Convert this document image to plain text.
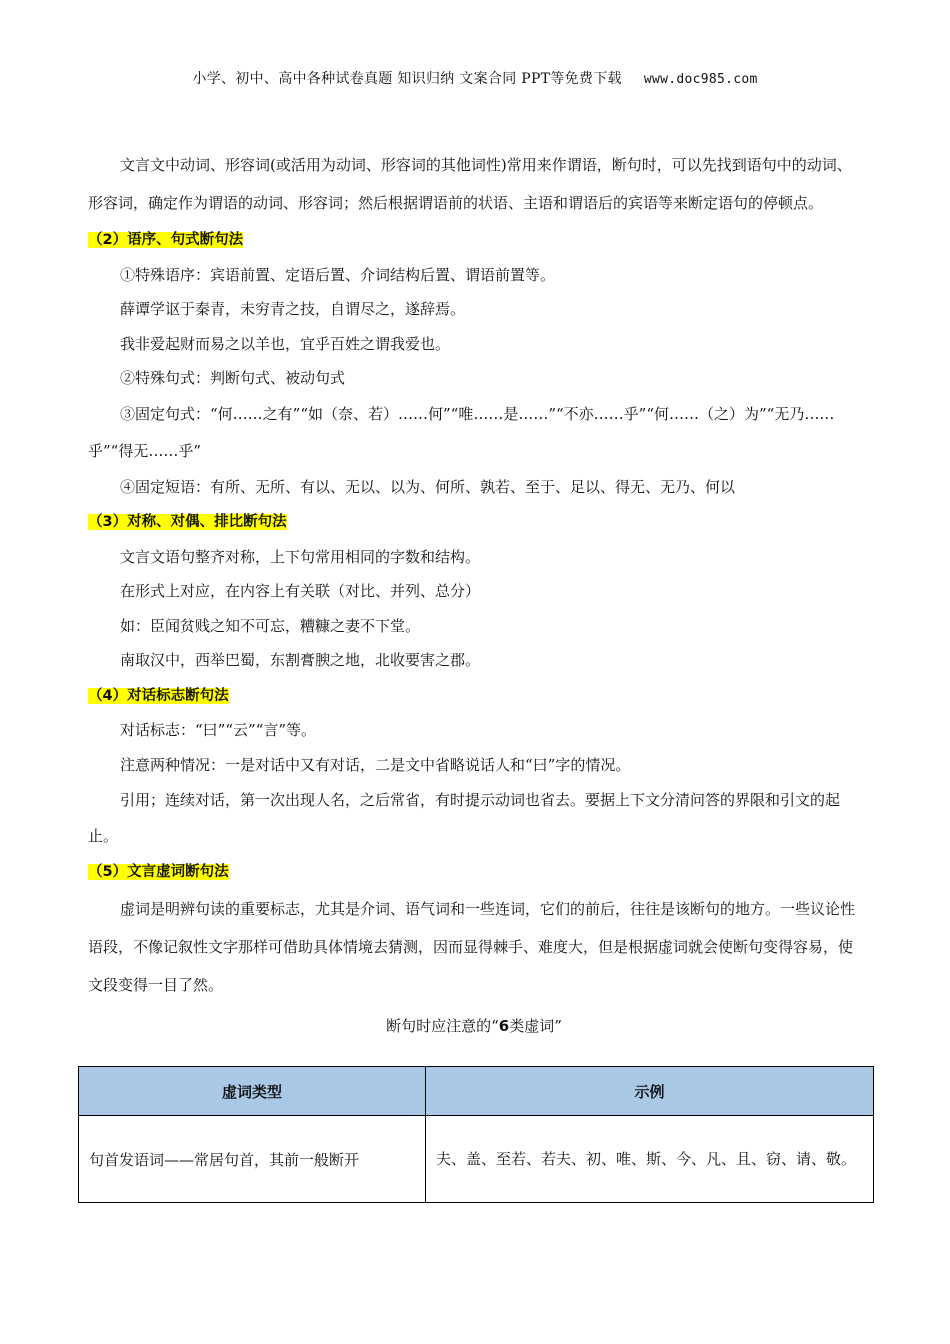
小学、初中、高中各种试卷真题 知识归纳 文案合同 PPT等免费下载 www.doc985.com

文言文中动词、形容词(或活用为动词、形容词的其他词性)常用来作谓语，断句时，可以先找到语句中的动词、形容词，确定作为谓语的动词、形容词；然后根据谓语前的状语、主语和谓语后的宾语等来断定语句的停顿点。

（2）语序、句式断句法

①特殊语序：宾语前置、定语后置、介词结构后置、谓语前置等。

薛谭学讴于秦青，未穷青之技，自谓尽之，遂辞焉。

我非爱起财而易之以羊也，宜乎百姓之谓我爱也。

②特殊句式：判断句式、被动句式

③固定句式：“何……之有”“如（奈、若）……何”“唯……是……”“不亦……乎”“何……（之）为”“无乃……乎”“得无……乎”

④固定短语：有所、无所、有以、无以、以为、何所、孰若、至于、足以、得无、无乃、何以

（3）对称、对偶、排比断句法

文言文语句整齐对称，上下句常用相同的字数和结构。

在形式上对应，在内容上有关联（对比、并列、总分）

如：臣闻贫贱之知不可忘，糟糠之妻不下堂。

南取汉中，西举巴蜀，东割膏腴之地，北收要害之郡。

（4）对话标志断句法

对话标志：“曰”“云”“言”等。

注意两种情况：一是对话中又有对话，二是文中省略说话人和“曰”字的情况。

引用；连续对话，第一次出现人名，之后常省，有时提示动词也省去。要据上下文分清问答的界限和引文的起止。

（5）文言虚词断句法

虚词是明辨句读的重要标志，尤其是介词、语气词和一些连词，它们的前后，往往是该断句的地方。一些议论性语段，不像记叙性文字那样可借助具体情境去猜测，因而显得棘手、难度大，但是根据虚词就会使断句变得容易，使文段变得一目了然。

断句时应注意的“6类虚词”

虚词类型	示例
句首发语词——常居句首，其前一般断开	夫、盖、至若、若夫、初、唯、斯、今、凡、且、窃、请、敬。
